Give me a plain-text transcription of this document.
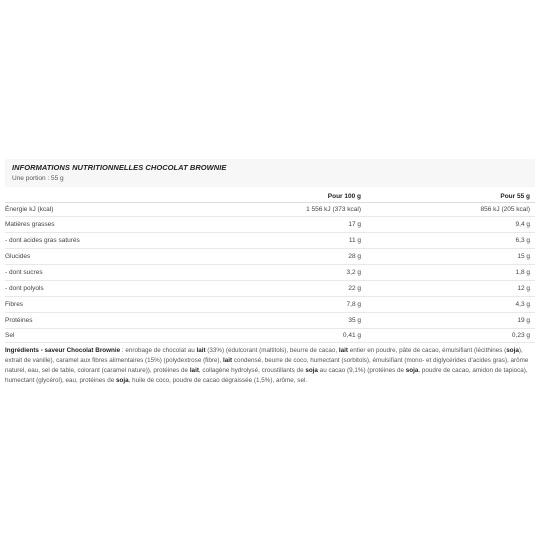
INFORMATIONS NUTRITIONNELLES CHOCOLAT BROWNIE
Une portion : 55 g
	Pour 100 g	Pour 55 g
Énergie kJ (kcal)	1 556 kJ (373 kcal)	856 kJ (205 kcal)
Matières grasses	17 g	9,4 g
- dont acides gras saturés	11 g	6,3 g
Glucides	28 g	15 g
- dont sucres	3,2 g	1,8 g
- dont polyols	22 g	12 g
Fibres	7,8 g	4,3 g
Protéines	35 g	19 g
Sel	0,41 g	0,23 g
Ingrédients - saveur Chocolat Brownie : enrobage de chocolat au lait (33%) (édulcorant (maltitols), beurre de cacao, lait entier en poudre, pâte de cacao, émulsifiant (lécithines (soja), extrait de vanille), caramel aux fibres alimentaires (15%) (polydextrose (fibre), lait condensé, beurre de coco, humectant (sorbitols), émulsifiant (mono- et diglycérides d'acides gras), arôme naturel, eau, sel de table, colorant (caramel nature)), protéines de lait, collagène hydrolysé, croustillants de soja au cacao (9,1%) (protéines de soja, poudre de cacao, amidon de tapioca), humectant (glycérol), eau, protéines de soja, huile de coco, poudre de cacao dégraissée (1,5%), arôme, sel.
